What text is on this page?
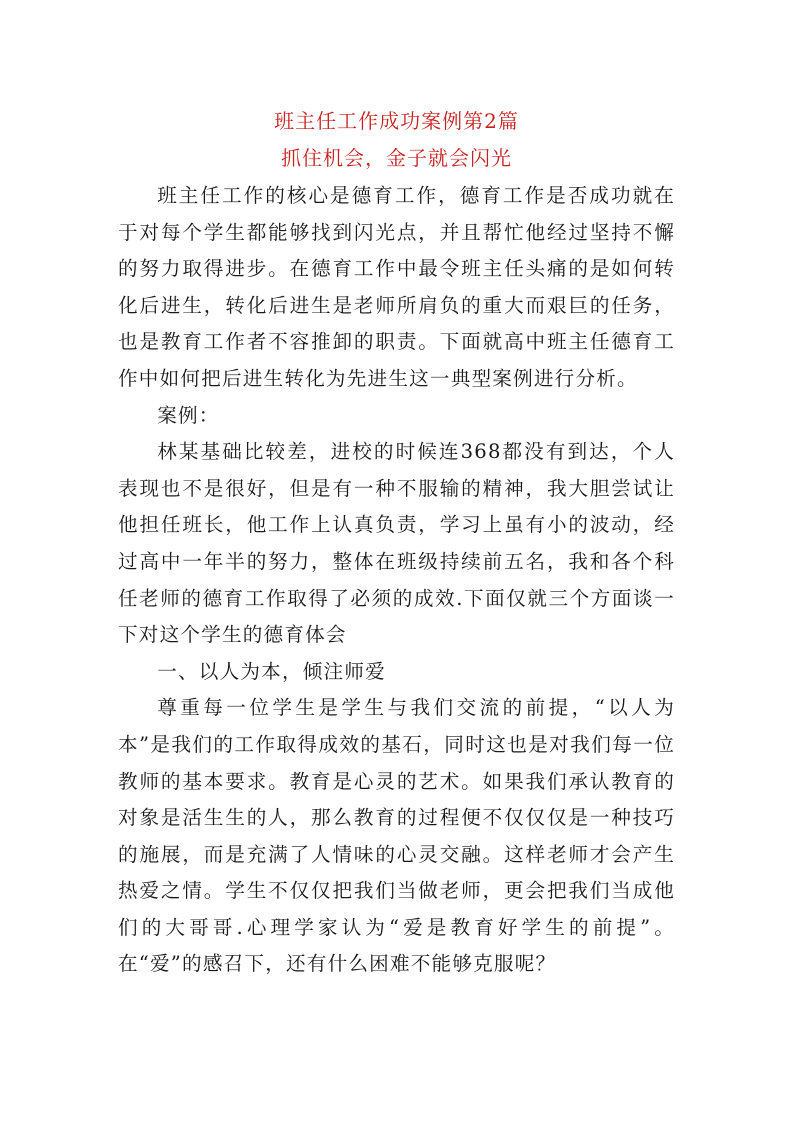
班主任工作成功案例第2篇
抓住机会，金子就会闪光

班主任工作的核心是德育工作，德育工作是否成功就在于对每个学生都能够找到闪光点，并且帮忙他经过坚持不懈的努力取得进步。在德育工作中最令班主任头痛的是如何转化后进生，转化后进生是老师所肩负的重大而艰巨的任务，也是教育工作者不容推卸的职责。下面就高中班主任德育工作中如何把后进生转化为先进生这一典型案例进行分析。

案例：

林某基础比较差，进校的时候连368都没有到达，个人表现也不是很好，但是有一种不服输的精神，我大胆尝试让他担任班长，他工作上认真负责，学习上虽有小的波动，经过高中一年半的努力，整体在班级持续前五名，我和各个科任老师的德育工作取得了必须的成效.下面仅就三个方面谈一下对这个学生的德育体会

一、以人为本，倾注师爱

尊重每一位学生是学生与我们交流的前提，“以人为本”是我们的工作取得成效的基石，同时这也是对我们每一位教师的基本要求。教育是心灵的艺术。如果我们承认教育的对象是活生生的人，那么教育的过程便不仅仅仅是一种技巧的施展，而是充满了人情味的心灵交融。这样老师才会产生热爱之情。学生不仅仅把我们当做老师，更会把我们当成他们的大哥哥.心理学家认为“爱是教育好学生的前提”。在“爱”的感召下，还有什么困难不能够克服呢？
